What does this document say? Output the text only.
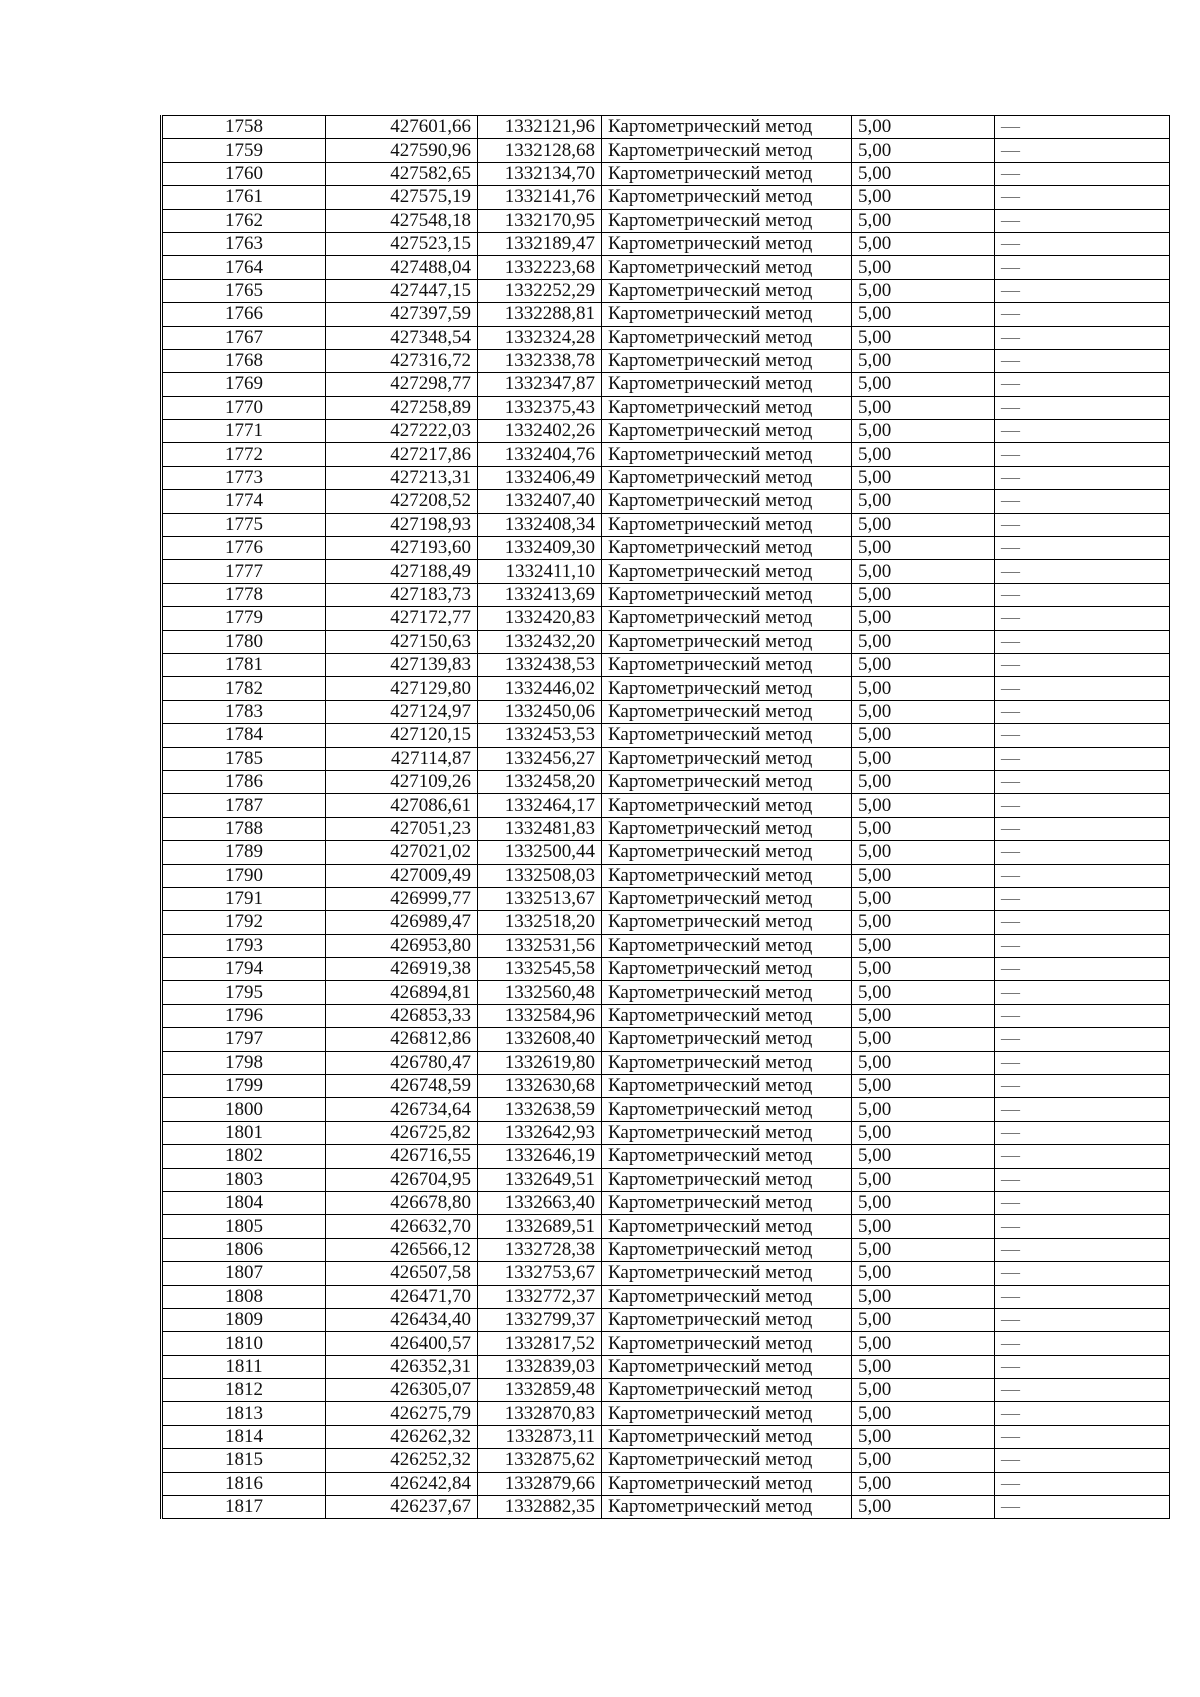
1758	427601,66	1332121,96	Картометрический метод	5,00	—
1759	427590,96	1332128,68	Картометрический метод	5,00	—
1760	427582,65	1332134,70	Картометрический метод	5,00	—
1761	427575,19	1332141,76	Картометрический метод	5,00	—
1762	427548,18	1332170,95	Картометрический метод	5,00	—
1763	427523,15	1332189,47	Картометрический метод	5,00	—
1764	427488,04	1332223,68	Картометрический метод	5,00	—
1765	427447,15	1332252,29	Картометрический метод	5,00	—
1766	427397,59	1332288,81	Картометрический метод	5,00	—
1767	427348,54	1332324,28	Картометрический метод	5,00	—
1768	427316,72	1332338,78	Картометрический метод	5,00	—
1769	427298,77	1332347,87	Картометрический метод	5,00	—
1770	427258,89	1332375,43	Картометрический метод	5,00	—
1771	427222,03	1332402,26	Картометрический метод	5,00	—
1772	427217,86	1332404,76	Картометрический метод	5,00	—
1773	427213,31	1332406,49	Картометрический метод	5,00	—
1774	427208,52	1332407,40	Картометрический метод	5,00	—
1775	427198,93	1332408,34	Картометрический метод	5,00	—
1776	427193,60	1332409,30	Картометрический метод	5,00	—
1777	427188,49	1332411,10	Картометрический метод	5,00	—
1778	427183,73	1332413,69	Картометрический метод	5,00	—
1779	427172,77	1332420,83	Картометрический метод	5,00	—
1780	427150,63	1332432,20	Картометрический метод	5,00	—
1781	427139,83	1332438,53	Картометрический метод	5,00	—
1782	427129,80	1332446,02	Картометрический метод	5,00	—
1783	427124,97	1332450,06	Картометрический метод	5,00	—
1784	427120,15	1332453,53	Картометрический метод	5,00	—
1785	427114,87	1332456,27	Картометрический метод	5,00	—
1786	427109,26	1332458,20	Картометрический метод	5,00	—
1787	427086,61	1332464,17	Картометрический метод	5,00	—
1788	427051,23	1332481,83	Картометрический метод	5,00	—
1789	427021,02	1332500,44	Картометрический метод	5,00	—
1790	427009,49	1332508,03	Картометрический метод	5,00	—
1791	426999,77	1332513,67	Картометрический метод	5,00	—
1792	426989,47	1332518,20	Картометрический метод	5,00	—
1793	426953,80	1332531,56	Картометрический метод	5,00	—
1794	426919,38	1332545,58	Картометрический метод	5,00	—
1795	426894,81	1332560,48	Картометрический метод	5,00	—
1796	426853,33	1332584,96	Картометрический метод	5,00	—
1797	426812,86	1332608,40	Картометрический метод	5,00	—
1798	426780,47	1332619,80	Картометрический метод	5,00	—
1799	426748,59	1332630,68	Картометрический метод	5,00	—
1800	426734,64	1332638,59	Картометрический метод	5,00	—
1801	426725,82	1332642,93	Картометрический метод	5,00	—
1802	426716,55	1332646,19	Картометрический метод	5,00	—
1803	426704,95	1332649,51	Картометрический метод	5,00	—
1804	426678,80	1332663,40	Картометрический метод	5,00	—
1805	426632,70	1332689,51	Картометрический метод	5,00	—
1806	426566,12	1332728,38	Картометрический метод	5,00	—
1807	426507,58	1332753,67	Картометрический метод	5,00	—
1808	426471,70	1332772,37	Картометрический метод	5,00	—
1809	426434,40	1332799,37	Картометрический метод	5,00	—
1810	426400,57	1332817,52	Картометрический метод	5,00	—
1811	426352,31	1332839,03	Картометрический метод	5,00	—
1812	426305,07	1332859,48	Картометрический метод	5,00	—
1813	426275,79	1332870,83	Картометрический метод	5,00	—
1814	426262,32	1332873,11	Картометрический метод	5,00	—
1815	426252,32	1332875,62	Картометрический метод	5,00	—
1816	426242,84	1332879,66	Картометрический метод	5,00	—
1817	426237,67	1332882,35	Картометрический метод	5,00	—
